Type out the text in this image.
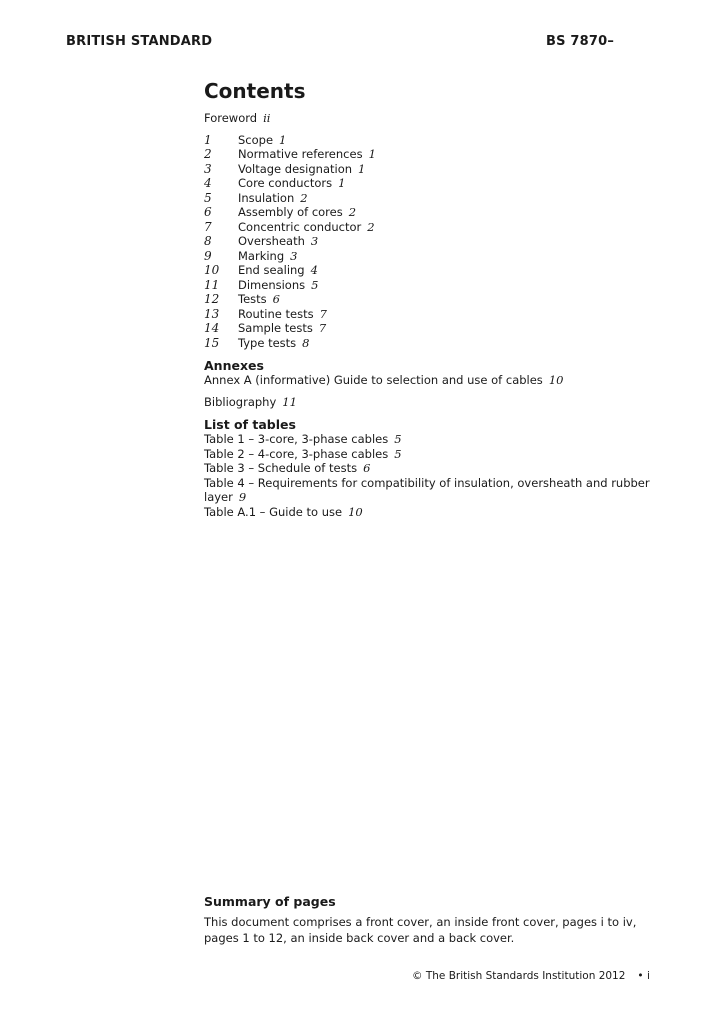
BRITISH STANDARD	BS 7870–
Contents
Foreword ii
1	Scope 1
2	Normative references 1
3	Voltage designation 1
4	Core conductors 1
5	Insulation 2
6	Assembly of cores 2
7	Concentric conductor 2
8	Oversheath 3
9	Marking 3
10	End sealing 4
11	Dimensions 5
12	Tests 6
13	Routine tests 7
14	Sample tests 7
15	Type tests 8
Annexes
Annex A (informative) Guide to selection and use of cables 10
Bibliography 11
List of tables
Table 1 – 3-core, 3-phase cables 5
Table 2 – 4-core, 3-phase cables 5
Table 3 – Schedule of tests 6
Table 4 – Requirements for compatibility of insulation, oversheath and rubber layer 9
Table A.1 – Guide to use 10
Summary of pages
This document comprises a front cover, an inside front cover, pages i to iv, pages 1 to 12, an inside back cover and a back cover.
© The British Standards Institution 2012 • i
